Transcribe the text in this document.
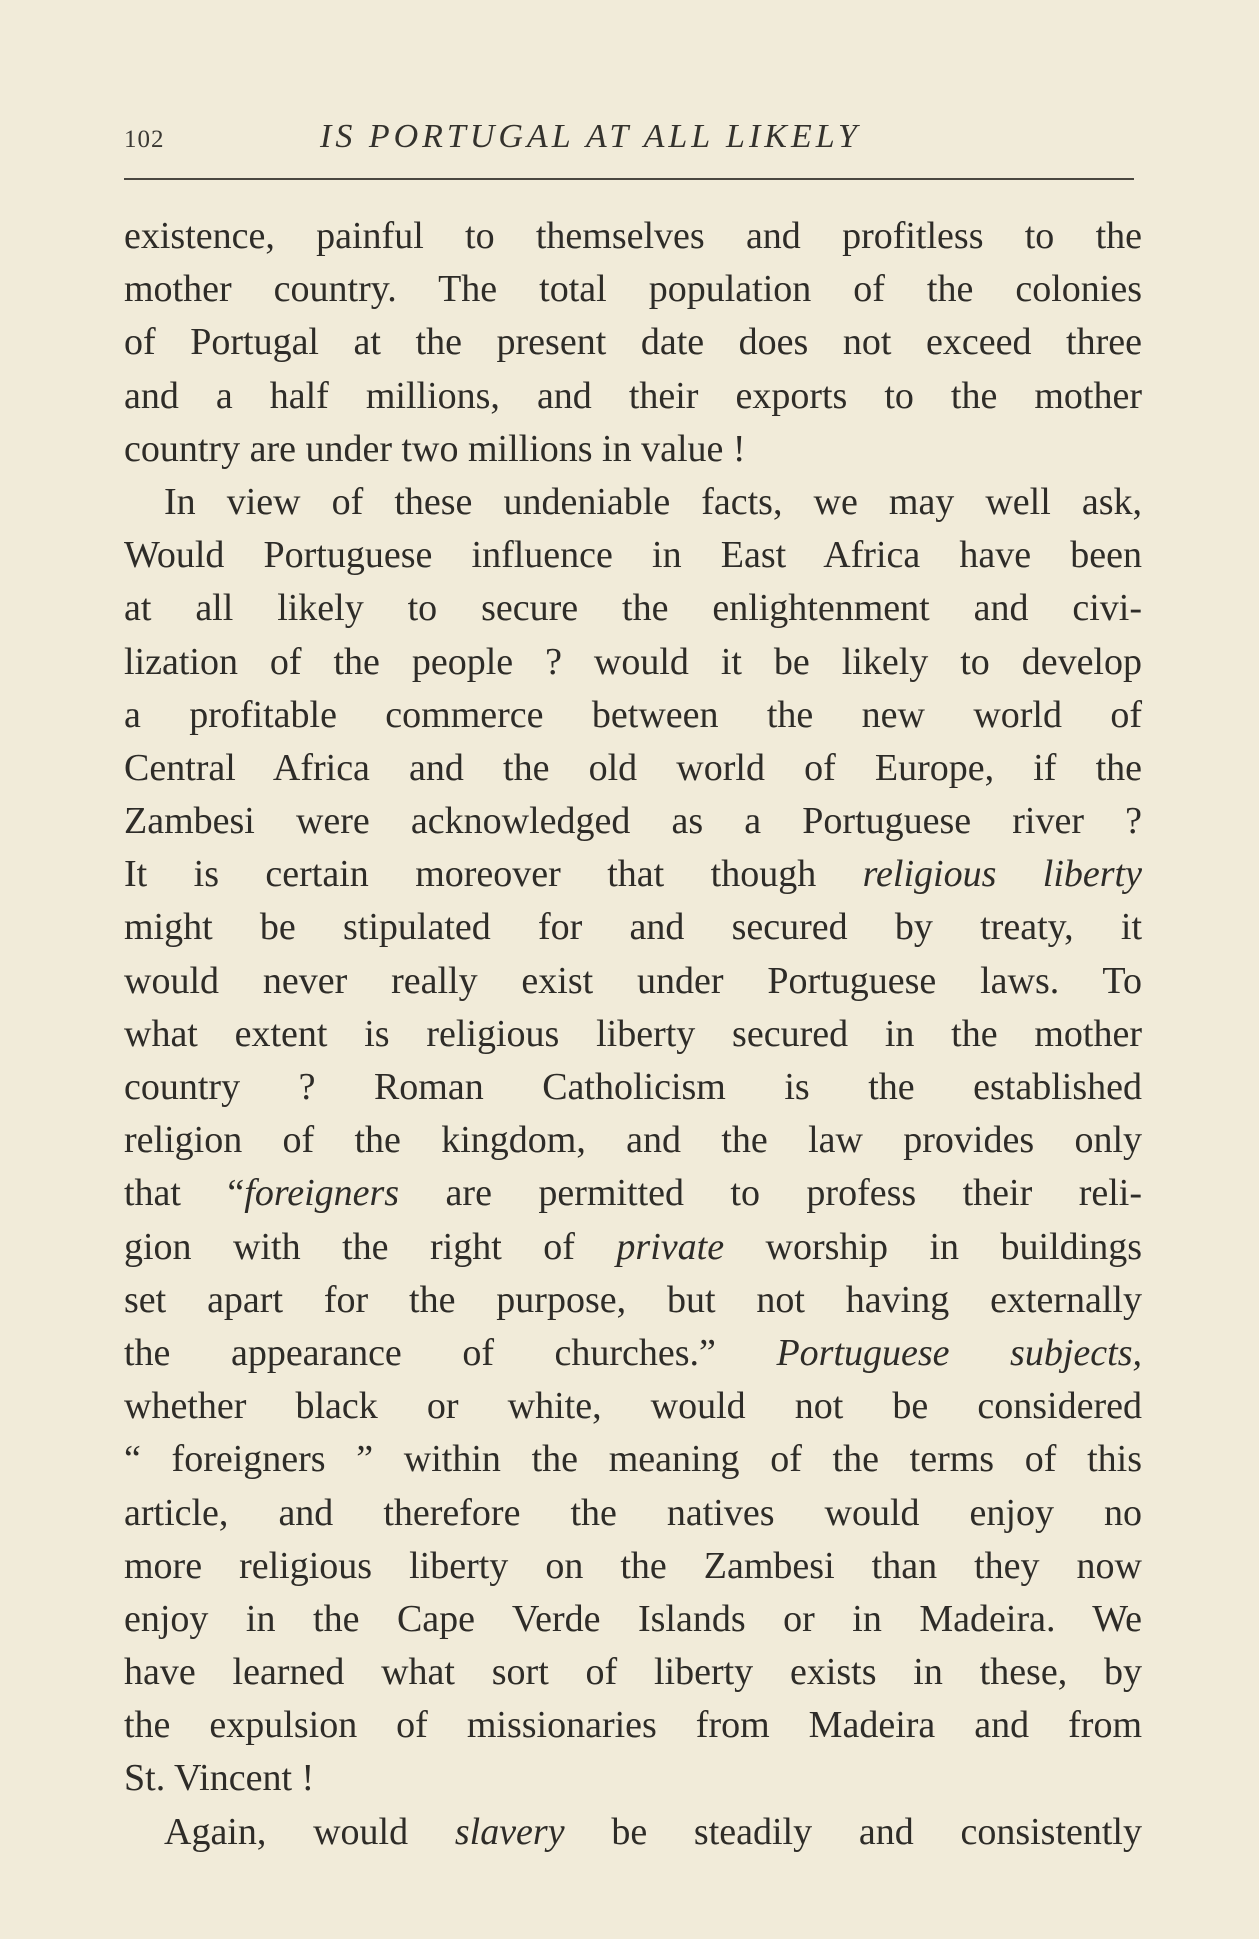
102	IS PORTUGAL AT ALL LIKELY
existence, painful to themselves and profitless to the
mother country. The total population of the colonies
of Portugal at the present date does not exceed three
and a half millions, and their exports to the mother
country are under two millions in value !
In view of these undeniable facts, we may well ask,
Would Portuguese influence in East Africa have been
at all likely to secure the enlightenment and civi-
lization of the people ? would it be likely to develop
a profitable commerce between the new world of
Central Africa and the old world of Europe, if the
Zambesi were acknowledged as a Portuguese river ?
It is certain moreover that though religious liberty
might be stipulated for and secured by treaty, it
would never really exist under Portuguese laws. To
what extent is religious liberty secured in the mother
country ? Roman Catholicism is the established
religion of the kingdom, and the law provides only
that “foreigners are permitted to profess their reli-
gion with the right of private worship in buildings
set apart for the purpose, but not having externally
the appearance of churches.” Portuguese subjects,
whether black or white, would not be considered
“ foreigners ” within the meaning of the terms of this
article, and therefore the natives would enjoy no
more religious liberty on the Zambesi than they now
enjoy in the Cape Verde Islands or in Madeira. We
have learned what sort of liberty exists in these, by
the expulsion of missionaries from Madeira and from
St. Vincent !
Again, would slavery be steadily and consistently
